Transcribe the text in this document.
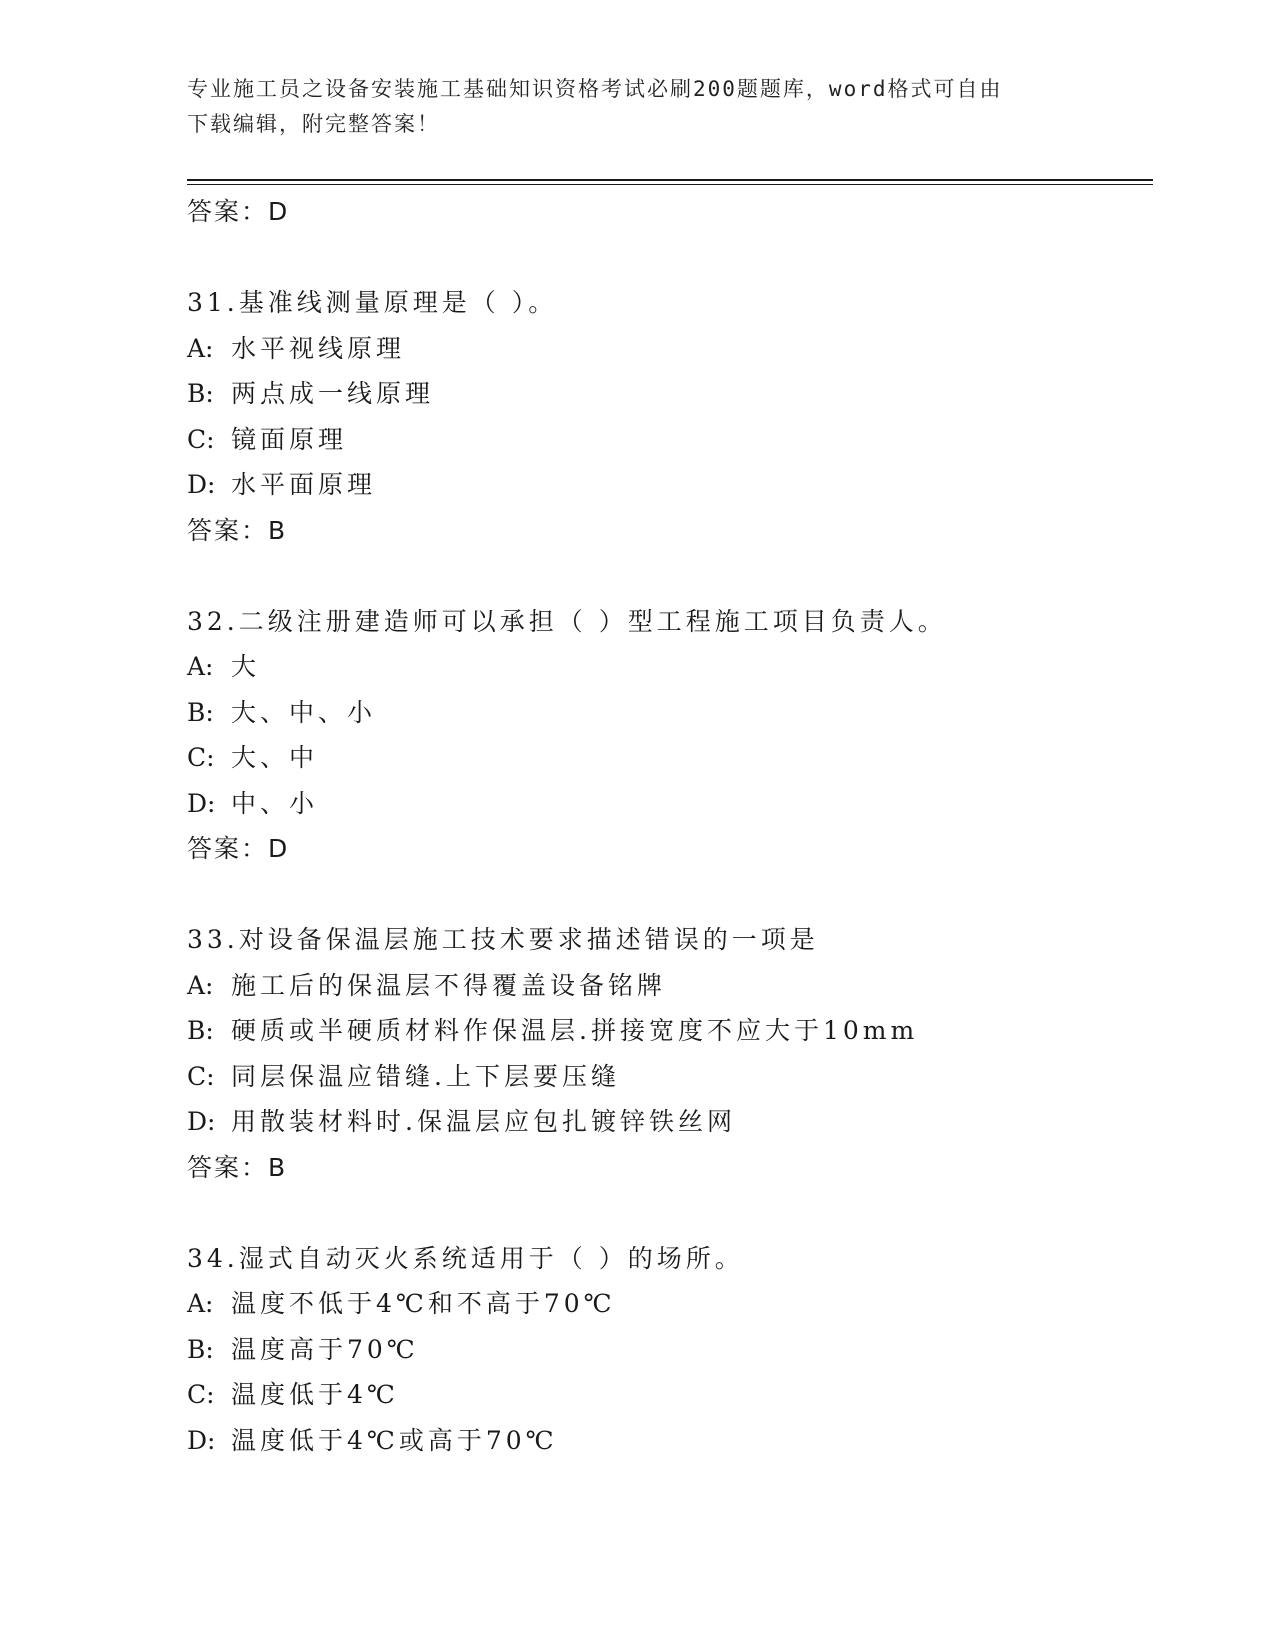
专业施工员之设备安装施工基础知识资格考试必刷200题题库，word格式可自由
下载编辑，附完整答案！
答案：D
31.基准线测量原理是（ ）。
A: 水平视线原理
B: 两点成一线原理
C: 镜面原理
D: 水平面原理
答案：B
32.二级注册建造师可以承担（ ）型工程施工项目负责人。
A: 大
B: 大、中、小
C: 大、中
D: 中、小
答案：D
33.对设备保温层施工技术要求描述错误的一项是
A: 施工后的保温层不得覆盖设备铭牌
B: 硬质或半硬质材料作保温层.拼接宽度不应大于10mm
C: 同层保温应错缝.上下层要压缝
D: 用散装材料时.保温层应包扎镀锌铁丝网
答案：B
34.湿式自动灭火系统适用于（ ）的场所。
A: 温度不低于4℃和不高于70℃
B: 温度高于70℃
C: 温度低于4℃
D: 温度低于4℃或高于70℃
